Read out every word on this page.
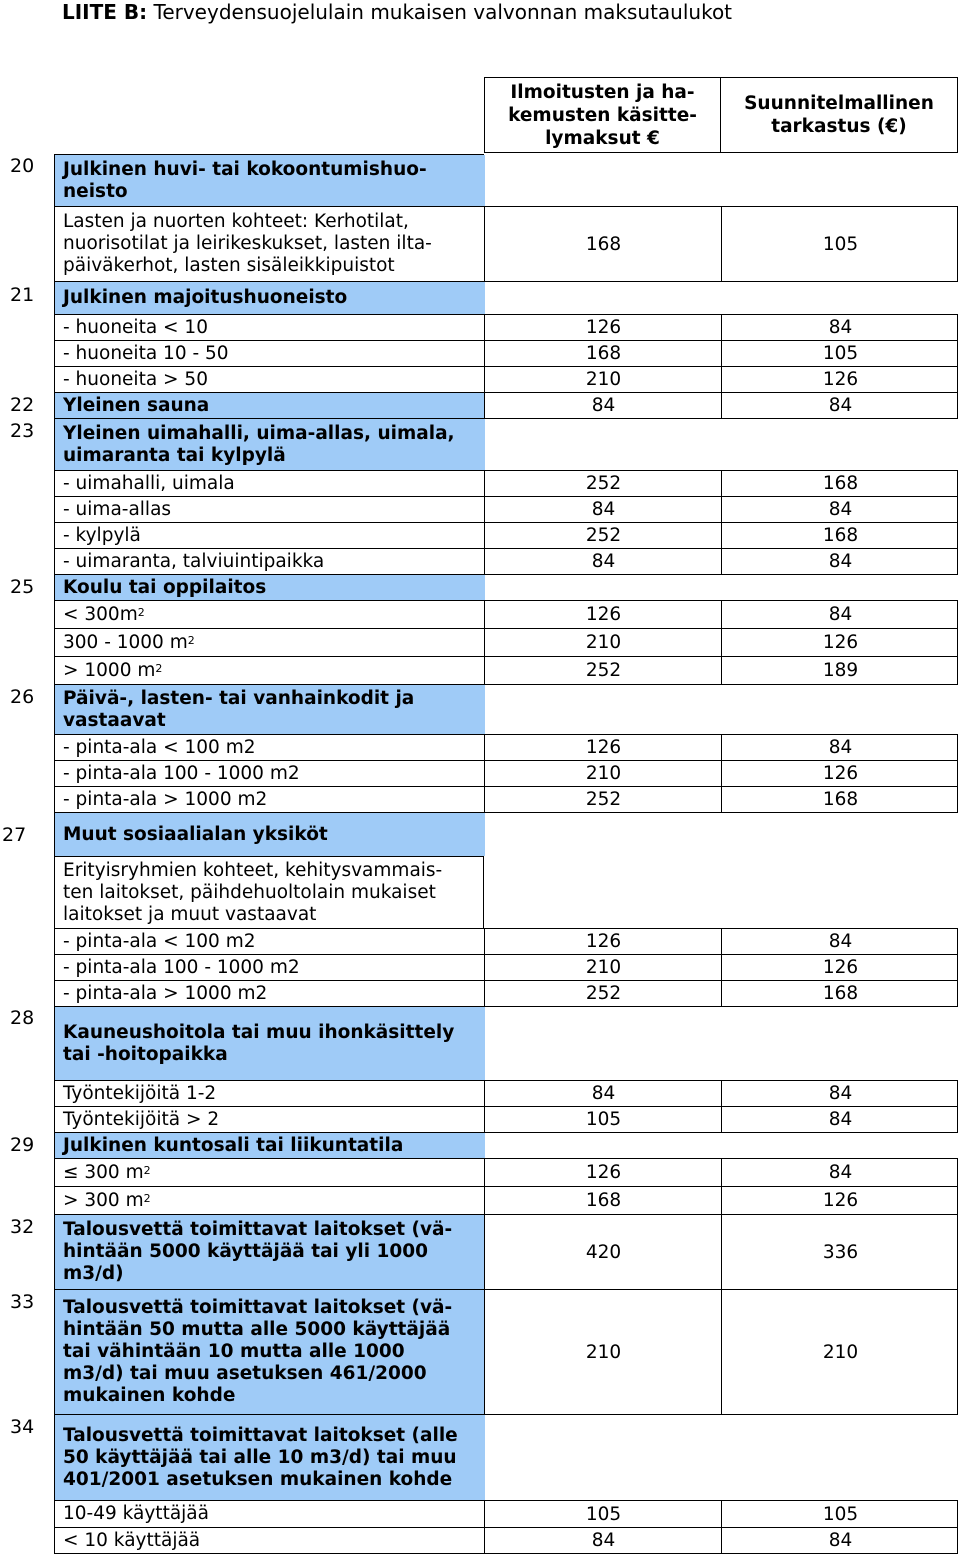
LIITE B: Terveydensuojelulain mukaisen valvonnan maksutaulukot
Ilmoitusten ja ha-
kemusten käsitte-
lymaksut €
Suunnitelmallinen
tarkastus (€)
Julkinen huvi- tai kokoontumishuo-
neisto
20
Lasten ja nuorten kohteet: Kerhotilat,
nuorisotilat ja leirikeskukset, lasten ilta-
päiväkerhot, lasten sisäleikkipuistot
168	105
Julkinen majoitushuoneisto
21
- huoneita < 10	126	84
- huoneita 10 - 50	168	105
- huoneita > 50	210	126
Yleinen sauna	84	84
22
Yleinen uimahalli, uima-allas, uimala,
uimaranta tai kylpylä
23
- uimahalli, uimala	252	168
- uima-allas	84	84
- kylpylä	252	168
- uimaranta, talviuintipaikka	84	84
Koulu tai oppilaitos
25
< $300m^2$	126	84
300 - 1000 $m^2$	210	126
> 1000 $m^2$	252	189
Päivä-, lasten- tai vanhainkodit ja
vastaavat
26
- pinta-ala < 100 m2	126	84
- pinta-ala 100 - 1000 m2	210	126
- pinta-ala > 1000 m2	252	168
Muut sosiaalialan yksiköt
27
Erityisryhmien kohteet, kehitysvammais-
ten laitokset, päihdehuoltolain mukaiset
laitokset ja muut vastaavat
- pinta-ala < 100 m2	126	84
- pinta-ala 100 - 1000 m2	210	126
- pinta-ala > 1000 m2	252	168
Kauneushoitola tai muu ihonkäsittely
tai -hoitopaikka
28
Työntekijöitä 1-2	84	84
Työntekijöitä > 2	105	84
Julkinen kuntosali tai liikuntatila
29
≤ 300 $m^2$	126	84
> 300 $m^2$	168	126
Talousvettä toimittavat laitokset (vä-
hintään 5000 käyttäjää tai yli 1000
m3/d)
420	336
32
Talousvettä toimittavat laitokset (vä-
hintään 50 mutta alle 5000 käyttäjää
tai vähintään 10 mutta alle 1000
m3/d) tai muu asetuksen 461/2000
mukainen kohde
210	210
33
Talousvettä toimittavat laitokset (alle
50 käyttäjää tai alle 10 m3/d) tai muu
401/2001 asetuksen mukainen kohde
34
10-49 käyttäjää	105	105
< 10 käyttäjää	84	84
